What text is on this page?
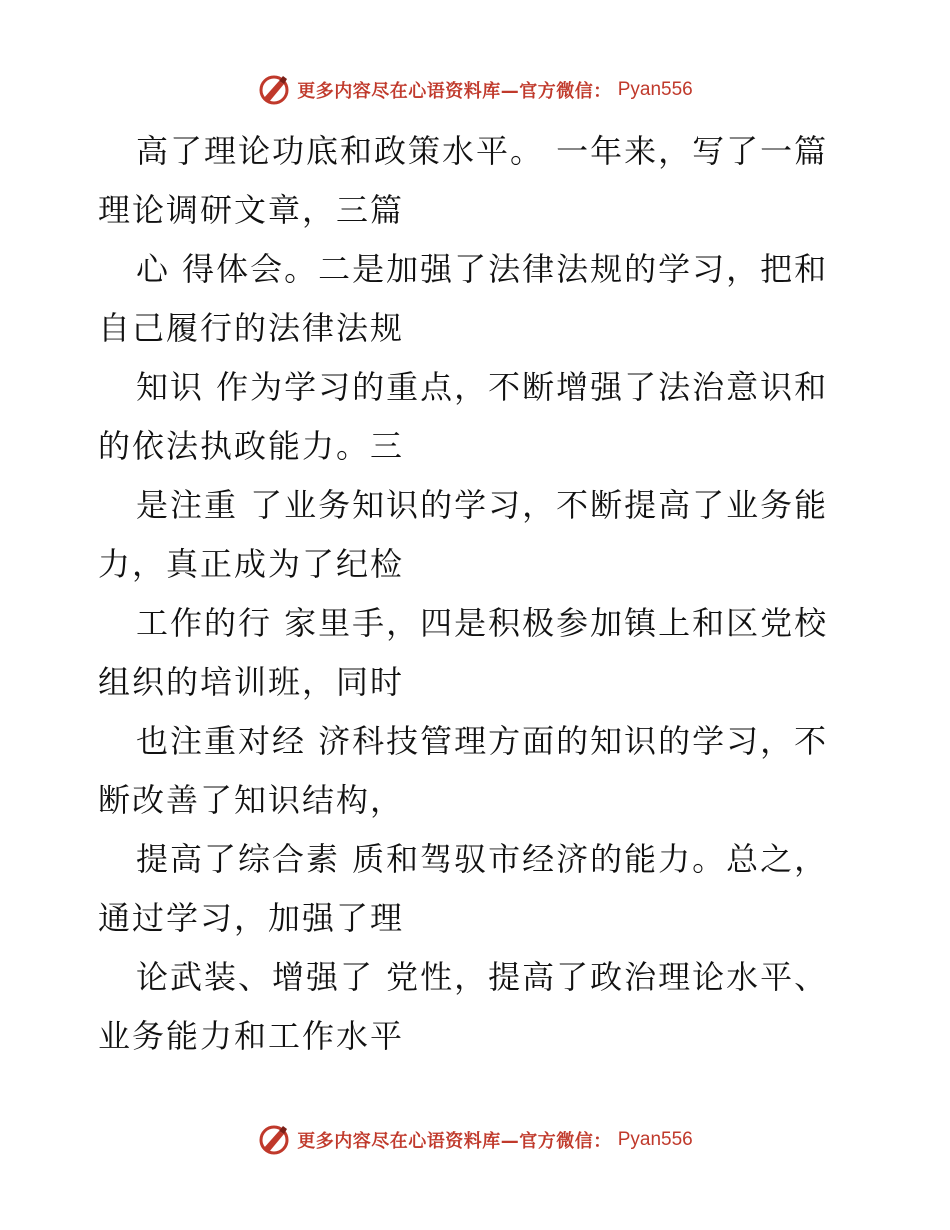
更多内容尽在心语资料库—官方微信： Pyan556
高了理论功底和政策水平。 一年来，写了一篇
理论调研文章，三篇
心 得体会。二是加强了法律法规的学习，把和
自己履行的法律法规
知识 作为学习的重点，不断增强了法治意识和
的依法执政能力。三
是注重 了业务知识的学习，不断提高了业务能
力，真正成为了纪检
工作的行 家里手，四是积极参加镇上和区党校
组织的培训班，同时
也注重对经 济科技管理方面的知识的学习，不
断改善了知识结构，
提高了综合素 质和驾驭市经济的能力。总之，
通过学习，加强了理
论武装、增强了 党性，提高了政治理论水平、
业务能力和工作水平
更多内容尽在心语资料库—官方微信： Pyan556
